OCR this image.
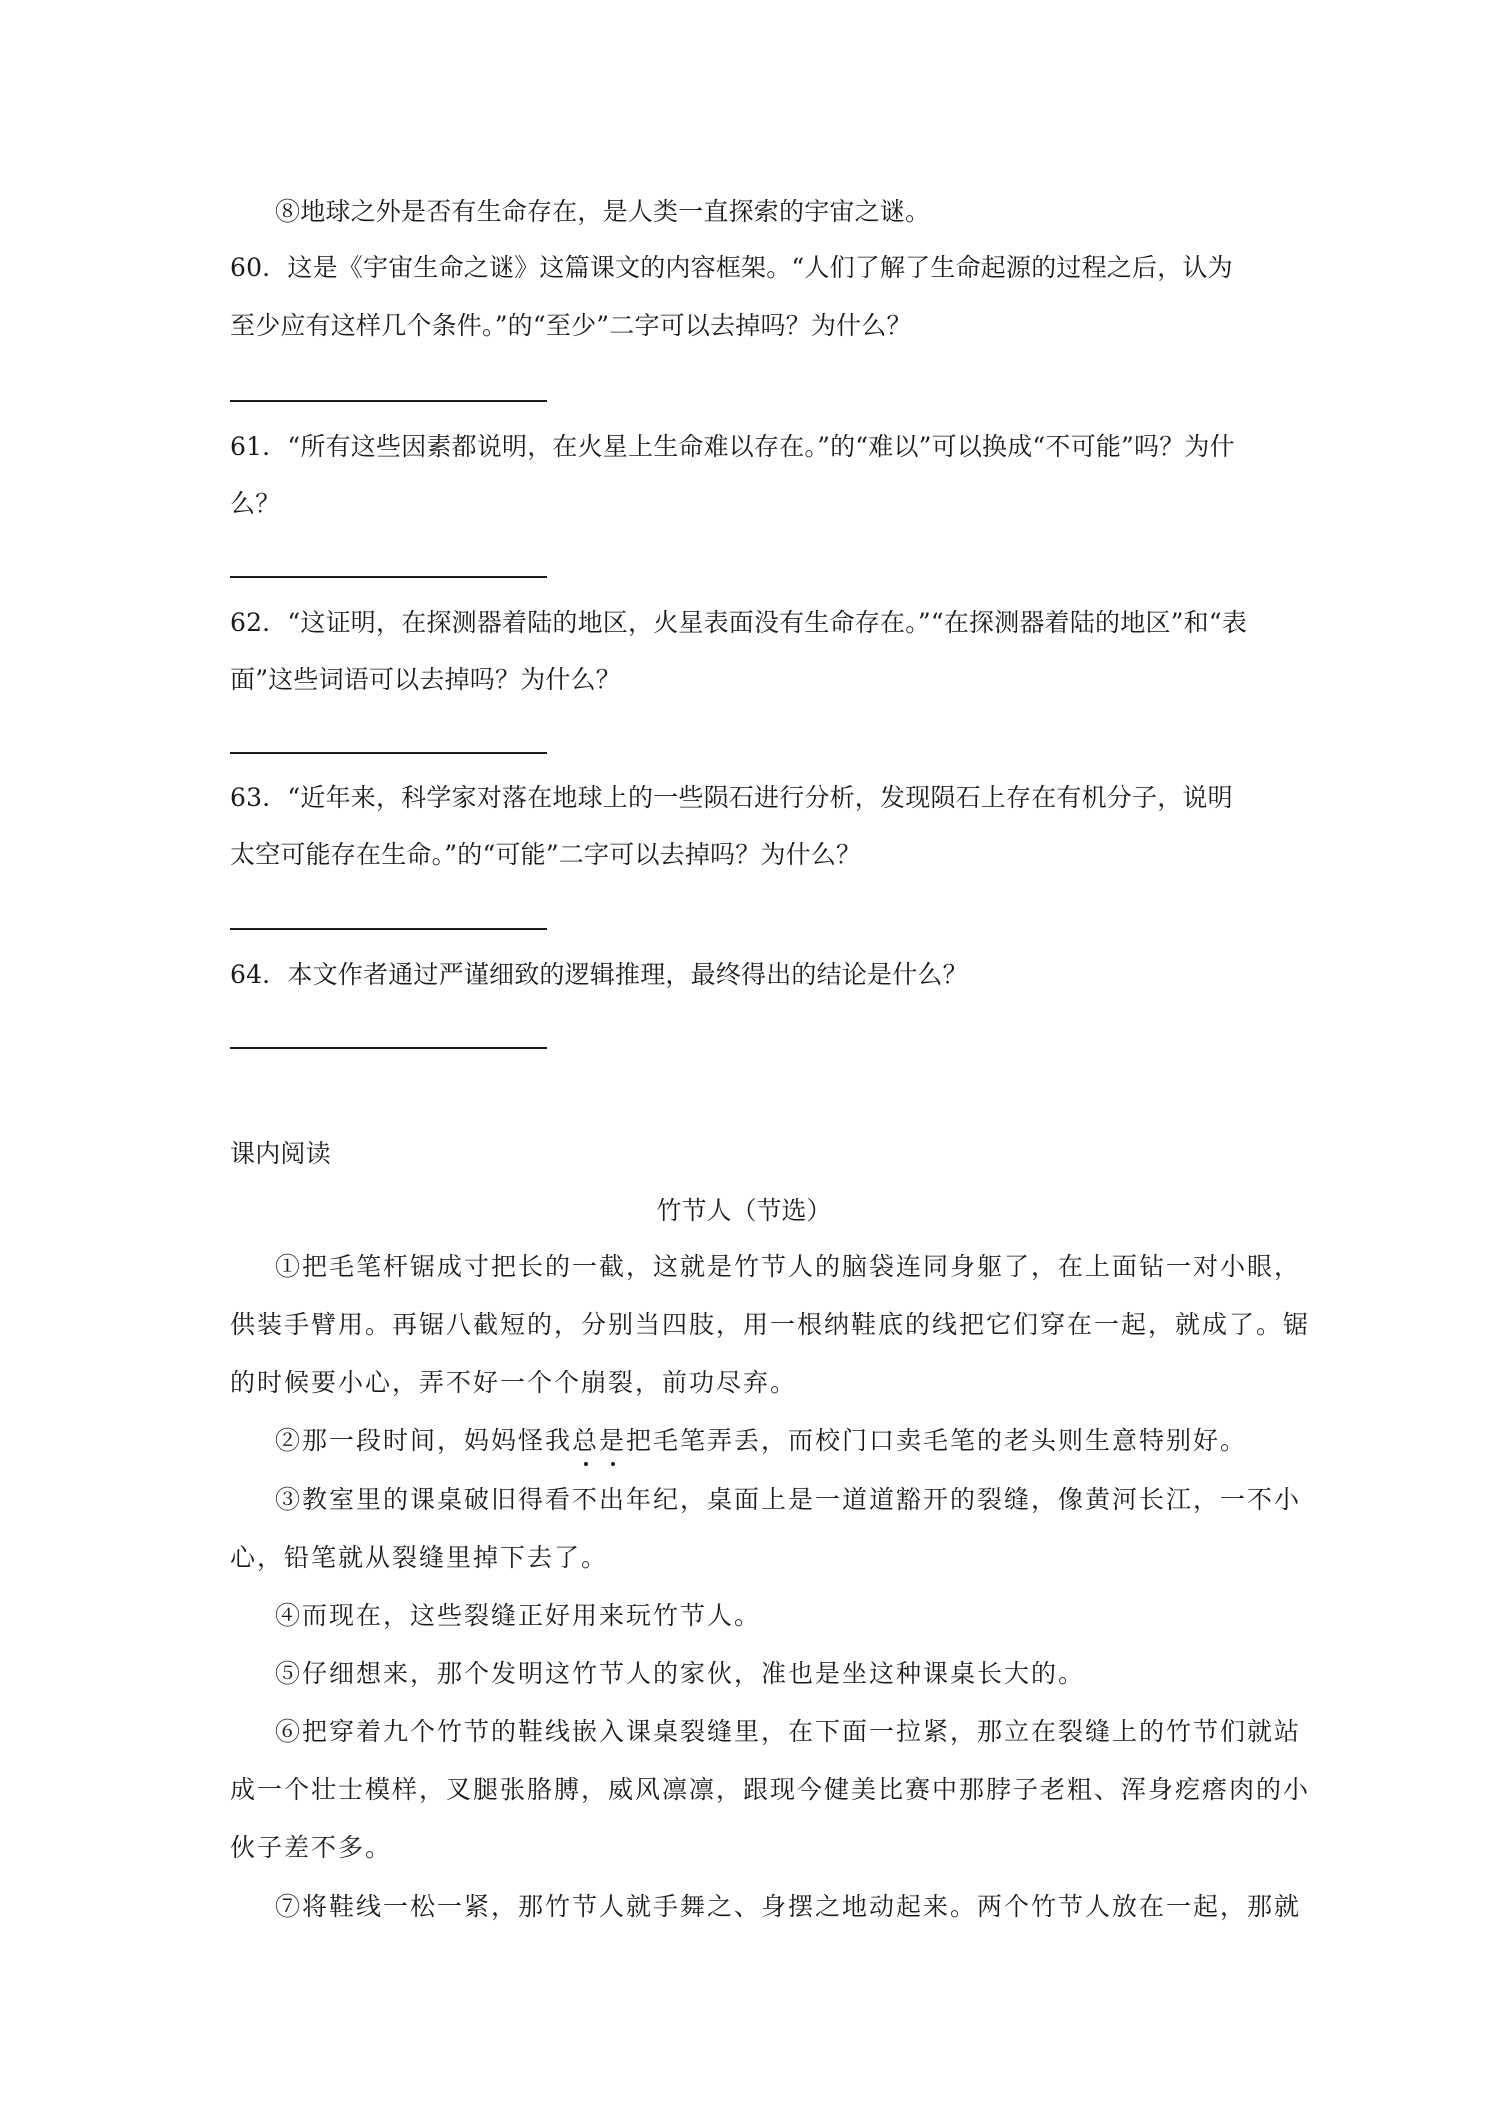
⑧地球之外是否有生命存在，是人类一直探索的宇宙之谜。
60．这是《宇宙生命之谜》这篇课文的内容框架。“人们了解了生命起源的过程之后，认为
至少应有这样几个条件。”的“至少”二字可以去掉吗？为什么？
61．“所有这些因素都说明，在火星上生命难以存在。”的“难以”可以换成“不可能”吗？为什
么？
62．“这证明，在探测器着陆的地区，火星表面没有生命存在。”“在探测器着陆的地区”和“表
面”这些词语可以去掉吗？为什么？
63．“近年来，科学家对落在地球上的一些陨石进行分析，发现陨石上存在有机分子，说明
太空可能存在生命。”的“可能”二字可以去掉吗？为什么？
64．本文作者通过严谨细致的逻辑推理，最终得出的结论是什么？
课内阅读
竹节人（节选）
①把毛笔杆锯成寸把长的一截，这就是竹节人的脑袋连同身躯了，在上面钻一对小眼，
供装手臂用。再锯八截短的，分别当四肢，用一根纳鞋底的线把它们穿在一起，就成了。锯
的时候要小心，弄不好一个个崩裂，前功尽弃。
②那一段时间，妈妈怪我总是把毛笔弄丢，而校门口卖毛笔的老头则生意特别好。
③教室里的课桌破旧得看不出年纪，桌面上是一道道豁开的裂缝，像黄河长江，一不小
心，铅笔就从裂缝里掉下去了。
④而现在，这些裂缝正好用来玩竹节人。
⑤仔细想来，那个发明这竹节人的家伙，准也是坐这种课桌长大的。
⑥把穿着九个竹节的鞋线嵌入课桌裂缝里，在下面一拉紧，那立在裂缝上的竹节们就站
成一个壮士模样，叉腿张胳膊，威风凛凛，跟现今健美比赛中那脖子老粗、浑身疙瘩肉的小
伙子差不多。
⑦将鞋线一松一紧，那竹节人就手舞之、身摆之地动起来。两个竹节人放在一起，那就
